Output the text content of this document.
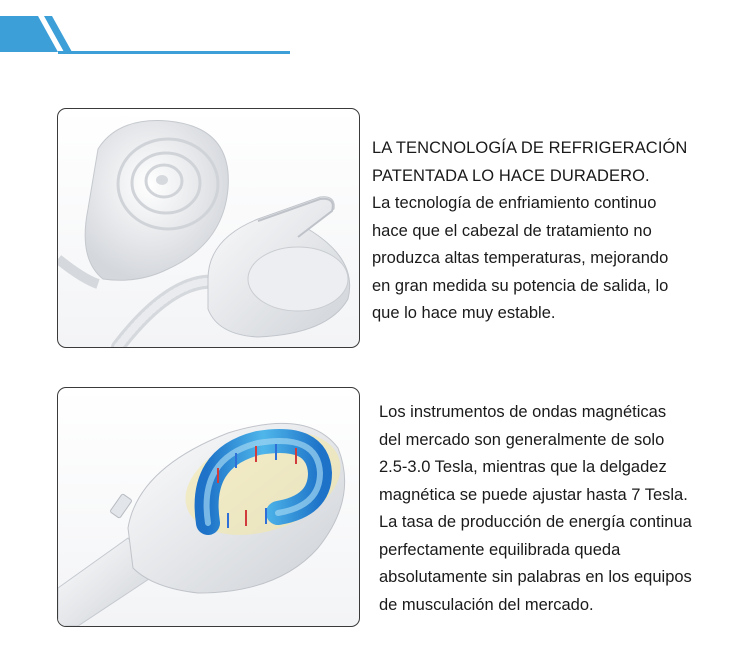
LA TENCNOLOGÍA DE REFRIGERACIÓN
PATENTADA LO HACE DURADERO.
La tecnología de enfriamiento continuo
hace que el cabezal de tratamiento no
produzca altas temperaturas, mejorando
en gran medida su potencia de salida, lo
que lo hace muy estable.
Los instrumentos de ondas magnéticas
del mercado son generalmente de solo
2.5-3.0 Tesla, mientras que la delgadez
magnética se puede ajustar hasta 7 Tesla.
La tasa de producción de energía continua
perfectamente equilibrada queda
absolutamente sin palabras en los equipos
de musculación del mercado.
